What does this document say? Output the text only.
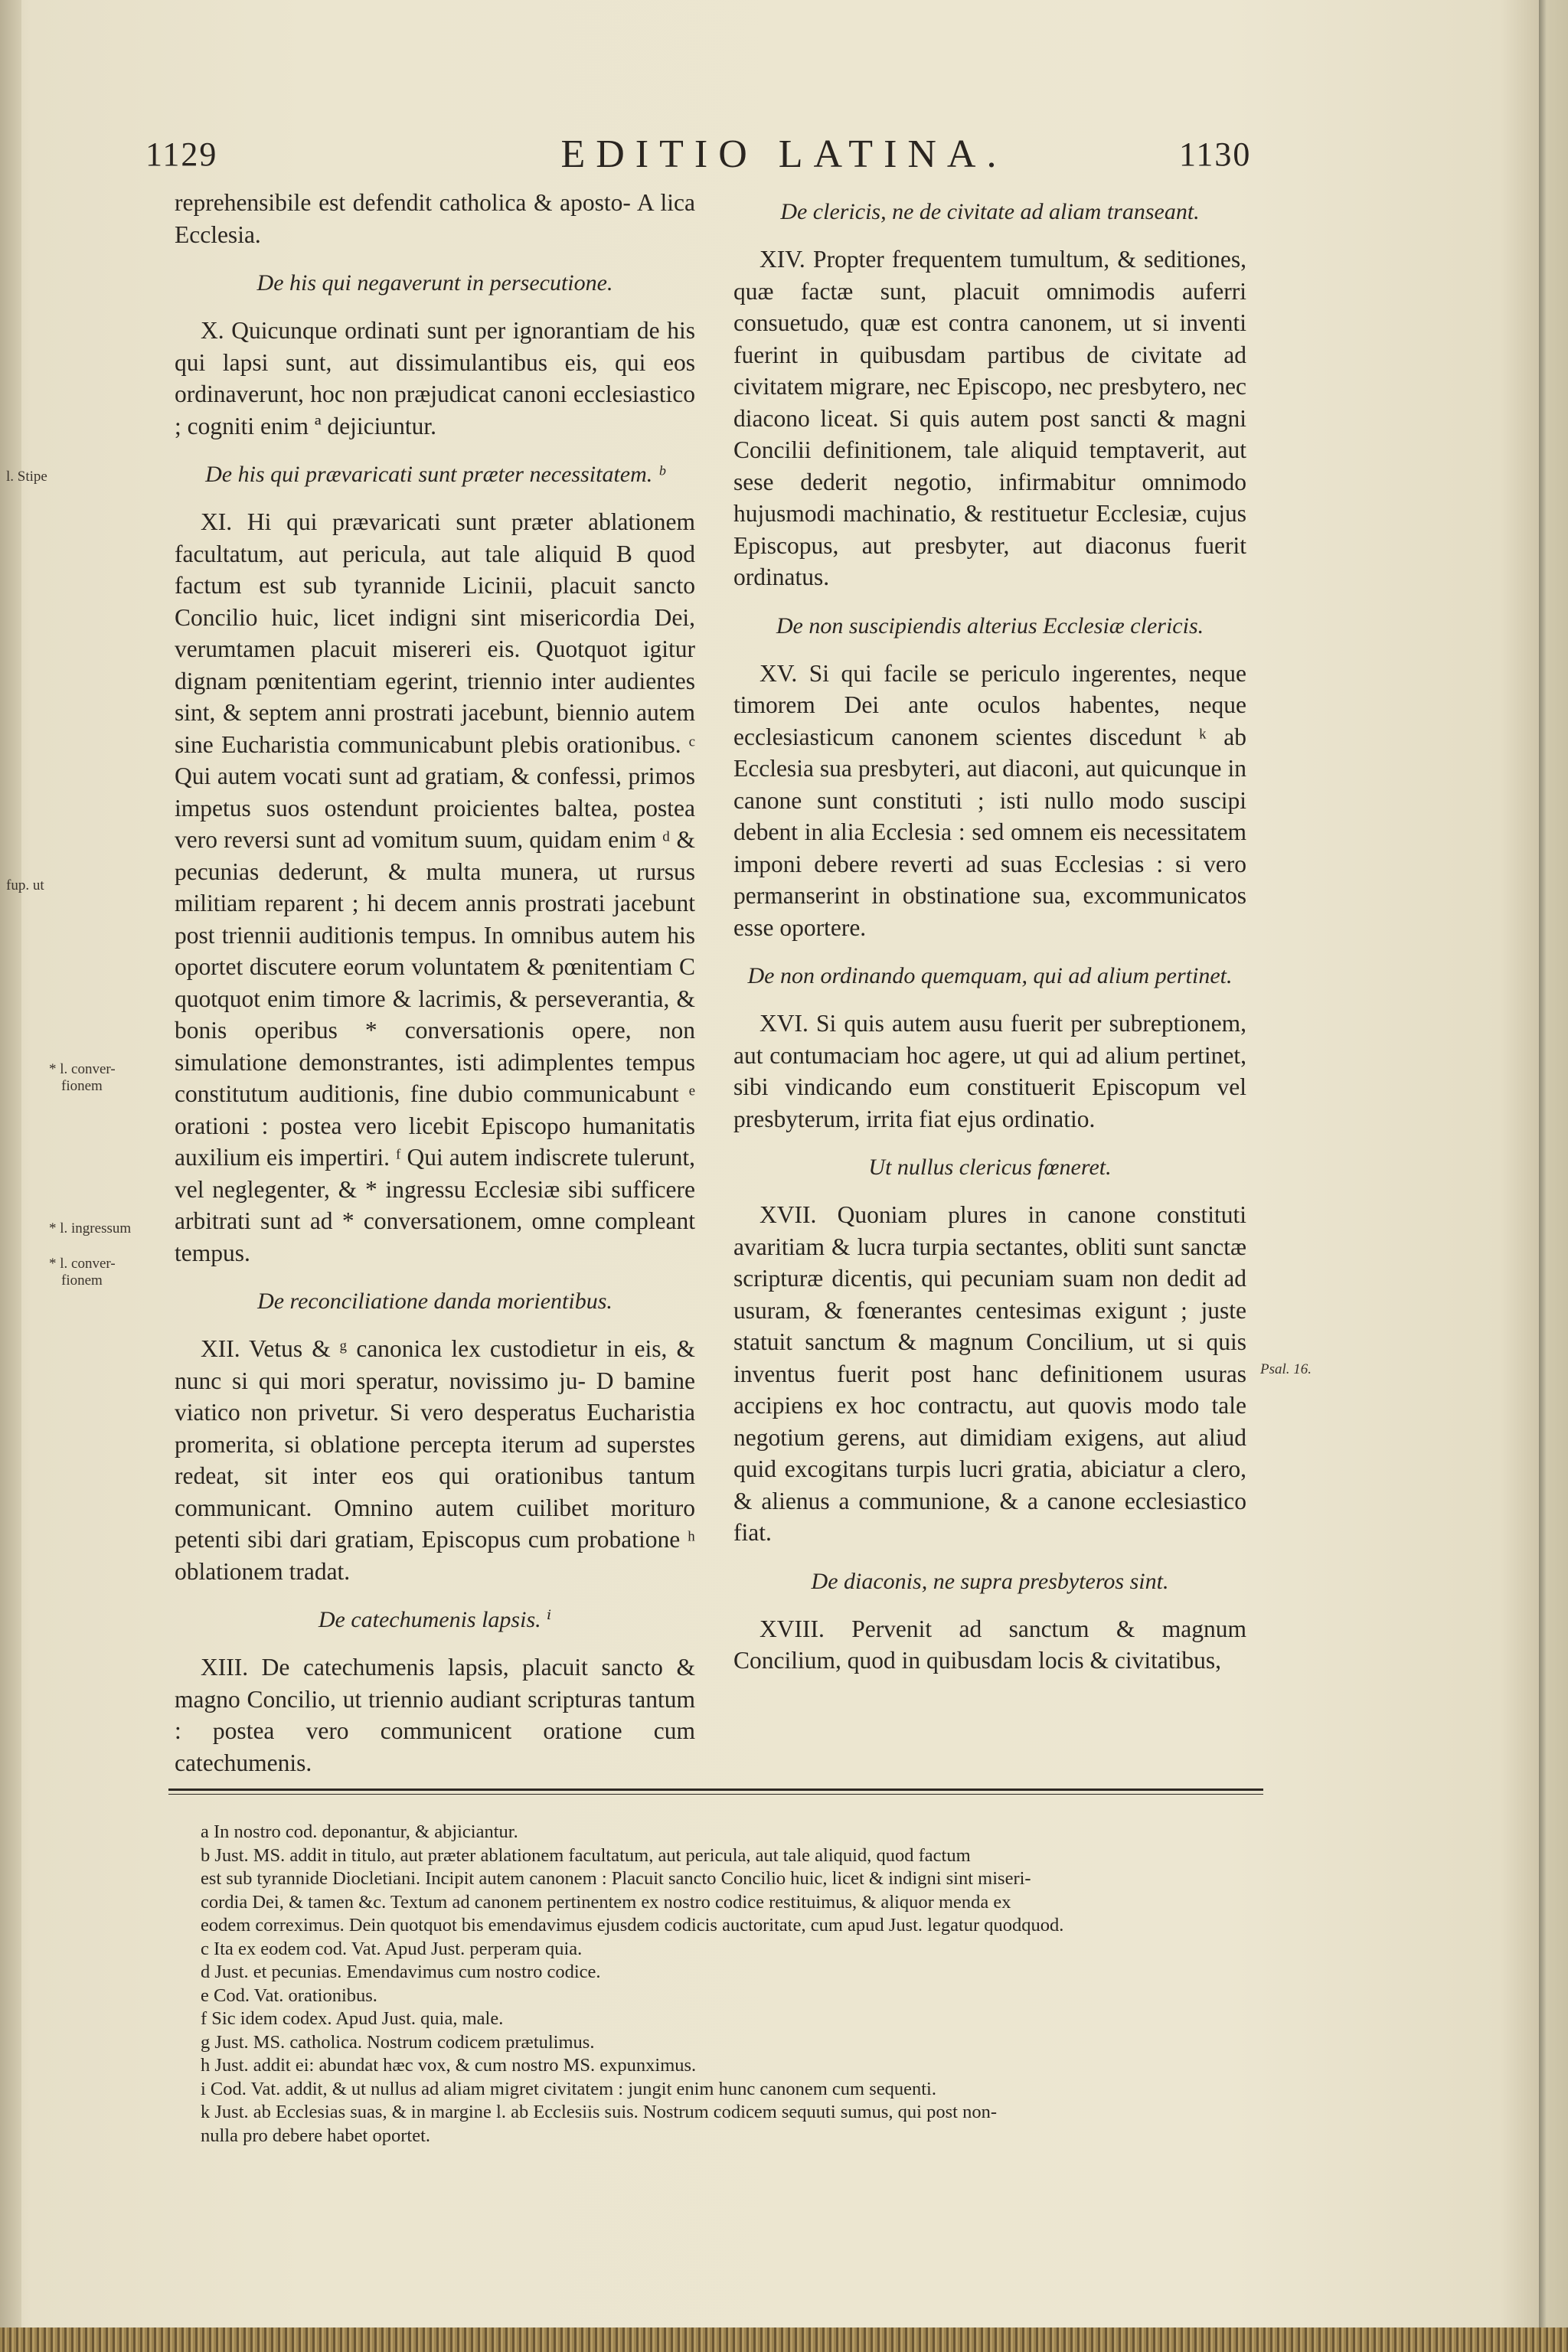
1129	EDITIO LATINA.	1130

reprehensibile est defendit catholica & aposto- A lica Ecclesia.

De his qui negaverunt in persecutione.

X. Quicunque ordinati sunt per ignorantiam de his qui lapsi sunt, aut dissimulantibus eis, qui eos ordinaverunt, hoc non præjudicat canoni ecclesiastico ; cogniti enim ª dejiciuntur.

De his qui prævaricati sunt præter necessitatem. ᵇ

XI. Hi qui prævaricati sunt præter ablationem facultatum, aut pericula, aut tale aliquid B quod factum est sub tyrannide Licinii, placuit sancto Concilio huic, licet indigni sint misericordia Dei, verumtamen placuit misereri eis. Quotquot igitur dignam pœnitentiam egerint, triennio inter audientes sint, & septem anni prostrati jacebunt, biennio autem sine Eucharistia communicabunt plebis orationibus. ᶜ Qui autem vocati sunt ad gratiam, & confessi, primos impetus suos ostendunt proicientes baltea, postea vero reversi sunt ad vomitum suum, quidam enim ᵈ & pecunias dederunt, & multa munera, ut rursus militiam reparent ; hi decem annis prostrati jacebunt post triennii auditionis tempus. In omnibus autem his oportet discutere eorum voluntatem & pœnitentiam C quotquot enim timore & lacrimis, & perseverantia, & bonis operibus * conversationis opere, non simulatione demonstrantes, isti adimplentes tempus constitutum auditionis, fine dubio communicabunt ᵉ orationi : postea vero licebit Episcopo humanitatis auxilium eis impertiri. ᶠ Qui autem indiscrete tulerunt, vel neglegenter, & * ingressu Ecclesiæ sibi sufficere arbitrati sunt ad * conversationem, omne compleant tempus.

De reconciliatione danda morientibus.

XII. Vetus & ᵍ canonica lex custodietur in eis, & nunc si qui mori speratur, novissimo ju- D bamine viatico non privetur. Si vero desperatus Eucharistia promerita, si oblatione percepta iterum ad superstes redeat, sit inter eos qui orationibus tantum communicant. Omnino autem cuilibet morituro petenti sibi dari gratiam, Episcopus cum probatione ʰ oblationem tradat.

De catechumenis lapsis. ⁱ

XIII. De catechumenis lapsis, placuit sancto & magno Concilio, ut triennio audiant scripturas tantum : postea vero communicent oratione cum catechumenis.

De clericis, ne de civitate ad aliam transeant.

XIV. Propter frequentem tumultum, & seditiones, quæ factæ sunt, placuit omnimodis auferri consuetudo, quæ est contra canonem, ut si inventi fuerint in quibusdam partibus de civitate ad civitatem migrare, nec Episcopo, nec presbytero, nec diacono liceat. Si quis autem post sancti & magni Concilii definitionem, tale aliquid temptaverit, aut sese dederit negotio, infirmabitur omnimodo hujusmodi machinatio, & restituetur Ecclesiæ, cujus Episcopus, aut presbyter, aut diaconus fuerit ordinatus.

De non suscipiendis alterius Ecclesiæ clericis.

XV. Si qui facile se periculo ingerentes, neque timorem Dei ante oculos habentes, neque ecclesiasticum canonem scientes discedunt ᵏ ab Ecclesia sua presbyteri, aut diaconi, aut quicunque in canone sunt constituti ; isti nullo modo suscipi debent in alia Ecclesia : sed omnem eis necessitatem imponi debere reverti ad suas Ecclesias : si vero permanserint in obstinatione sua, excommunicatos esse oportere.

De non ordinando quemquam, qui ad alium pertinet.

XVI. Si quis autem ausu fuerit per subreptionem, aut contumaciam hoc agere, ut qui ad alium pertinet, sibi vindicando eum constituerit Episcopum vel presbyterum, irrita fiat ejus ordinatio.

Ut nullus clericus fœneret.

XVII. Quoniam plures in canone constituti avaritiam & lucra turpia sectantes, obliti sunt sanctæ scripturæ dicentis, qui pecuniam suam non dedit ad usuram, & fœnerantes centesimas exigunt ; juste statuit sanctum & magnum Concilium, ut si quis inventus fuerit post hanc definitionem usuras accipiens ex hoc contractu, aut quovis modo tale negotium gerens, aut dimidiam exigens, aut aliud quid excogitans turpis lucri gratia, abiciatur a clero, & alienus a communione, & a canone ecclesiastico fiat.

De diaconis, ne supra presbyteros sint.

XVIII. Pervenit ad sanctum & magnum Concilium, quod in quibusdam locis & civitatibus,

l. Stipe
fup. ut
* l. conver-
fionem
* l. ingressum
* l. conver-
fionem
Psal. 16.
a In nostro cod. deponantur, & abjiciantur.
b Just. MS. addit in titulo, aut præter ablationem facultatum, aut pericula, aut tale aliquid, quod factum
est sub tyrannide Diocletiani. Incipit autem canonem : Placuit sancto Concilio huic, licet & indigni sint miseri-
cordia Dei, & tamen &c. Textum ad canonem pertinentem ex nostro codice restituimus, & aliquor menda ex
eodem correximus. Dein quotquot bis emendavimus ejusdem codicis auctoritate, cum apud Just. legatur quodquod.
c Ita ex eodem cod. Vat. Apud Just. perperam quia.
d Just. et pecunias. Emendavimus cum nostro codice.
e Cod. Vat. orationibus.
f Sic idem codex. Apud Just. quia, male.
g Just. MS. catholica. Nostrum codicem prætulimus.
h Just. addit ei: abundat hæc vox, & cum nostro MS. expunximus.
i Cod. Vat. addit, & ut nullus ad aliam migret civitatem : jungit enim hunc canonem cum sequenti.
k Just. ab Ecclesias suas, & in margine l. ab Ecclesiis suis. Nostrum codicem sequuti sumus, qui post non-
nulla pro debere habet oportet.
